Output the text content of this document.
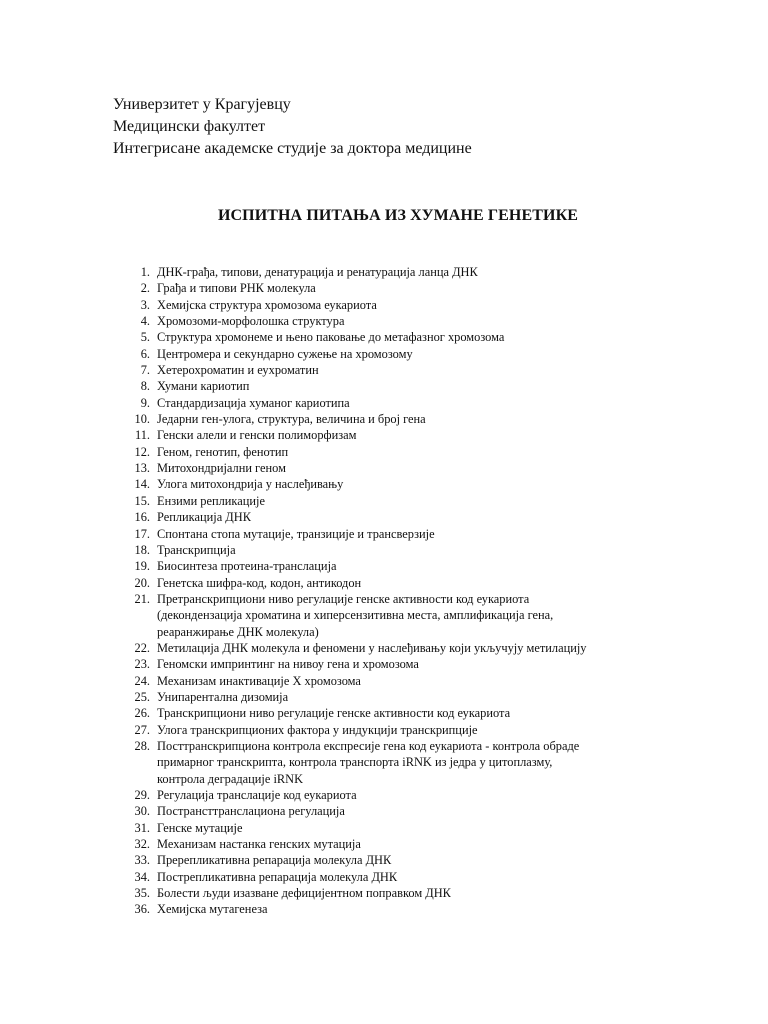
Универзитет у Крагујевцу
Медицински факултет
Интегрисане академске студије за доктора медицине
ИСПИТНА ПИТАЊА ИЗ ХУМАНЕ ГЕНЕТИКЕ
1. ДНК-грађа, типови, денатурација и ренатурација ланца ДНК
2. Грађа и типови РНК молекула
3. Хемијска структура хромозома еукариота
4. Хромозоми-морфолошка структура
5. Структура хромонеме и њено паковање до метафазног хромозома
6. Центромера и секундарно сужење на хромозому
7. Хетерохроматин и еухроматин
8. Хумани кариотип
9. Стандардизација хуманог кариотипа
10. Једарни ген-улога, структура, величина и број гена
11. Генски алели и генски полиморфизам
12. Геном, генотип, фенотип
13. Митохондријални геном
14. Улога митохондрија у наслеђивању
15. Ензими репликације
16. Репликација ДНК
17. Спонтана стопа мутације, транзиције и трансверзије
18. Транскрипција
19. Биосинтеза протеина-транслација
20. Генетска шифра-код, кодон, антикодон
21. Претранскрипциони ниво регулације генске активности код еукариота
(декондензација хроматина и хиперсензитивна места, амплификација гена,
реаранжирање ДНК молекула)
22. Метилација ДНК молекула и феномени у наслеђивању који укључују метилацију
23. Геномски импринтинг на нивоу гена и хромозома
24. Механизам инактивације X хромозома
25. Унипарентална дизомија
26. Транскрипциони ниво регулације генске активности код еукариота
27. Улога транскрипционих фактора у индукцији транскрипције
28. Посттранскрипциона контрола експресије гена код еукариота - контрола обраде
примарног транскрипта, контрола транспорта iRNK из једра у цитоплазму,
контрола деградације iRNK
29. Регулација транслације код еукариота
30. Пострансттранслациона регулација
31. Генске мутације
32. Механизам настанка генских мутација
33. Пререпликативна репарација молекула ДНК
34. Пострепликативна репарација молекула ДНК
35. Болести људи изазване дефицијентном поправком ДНК
36. Хемијска мутагенеза
